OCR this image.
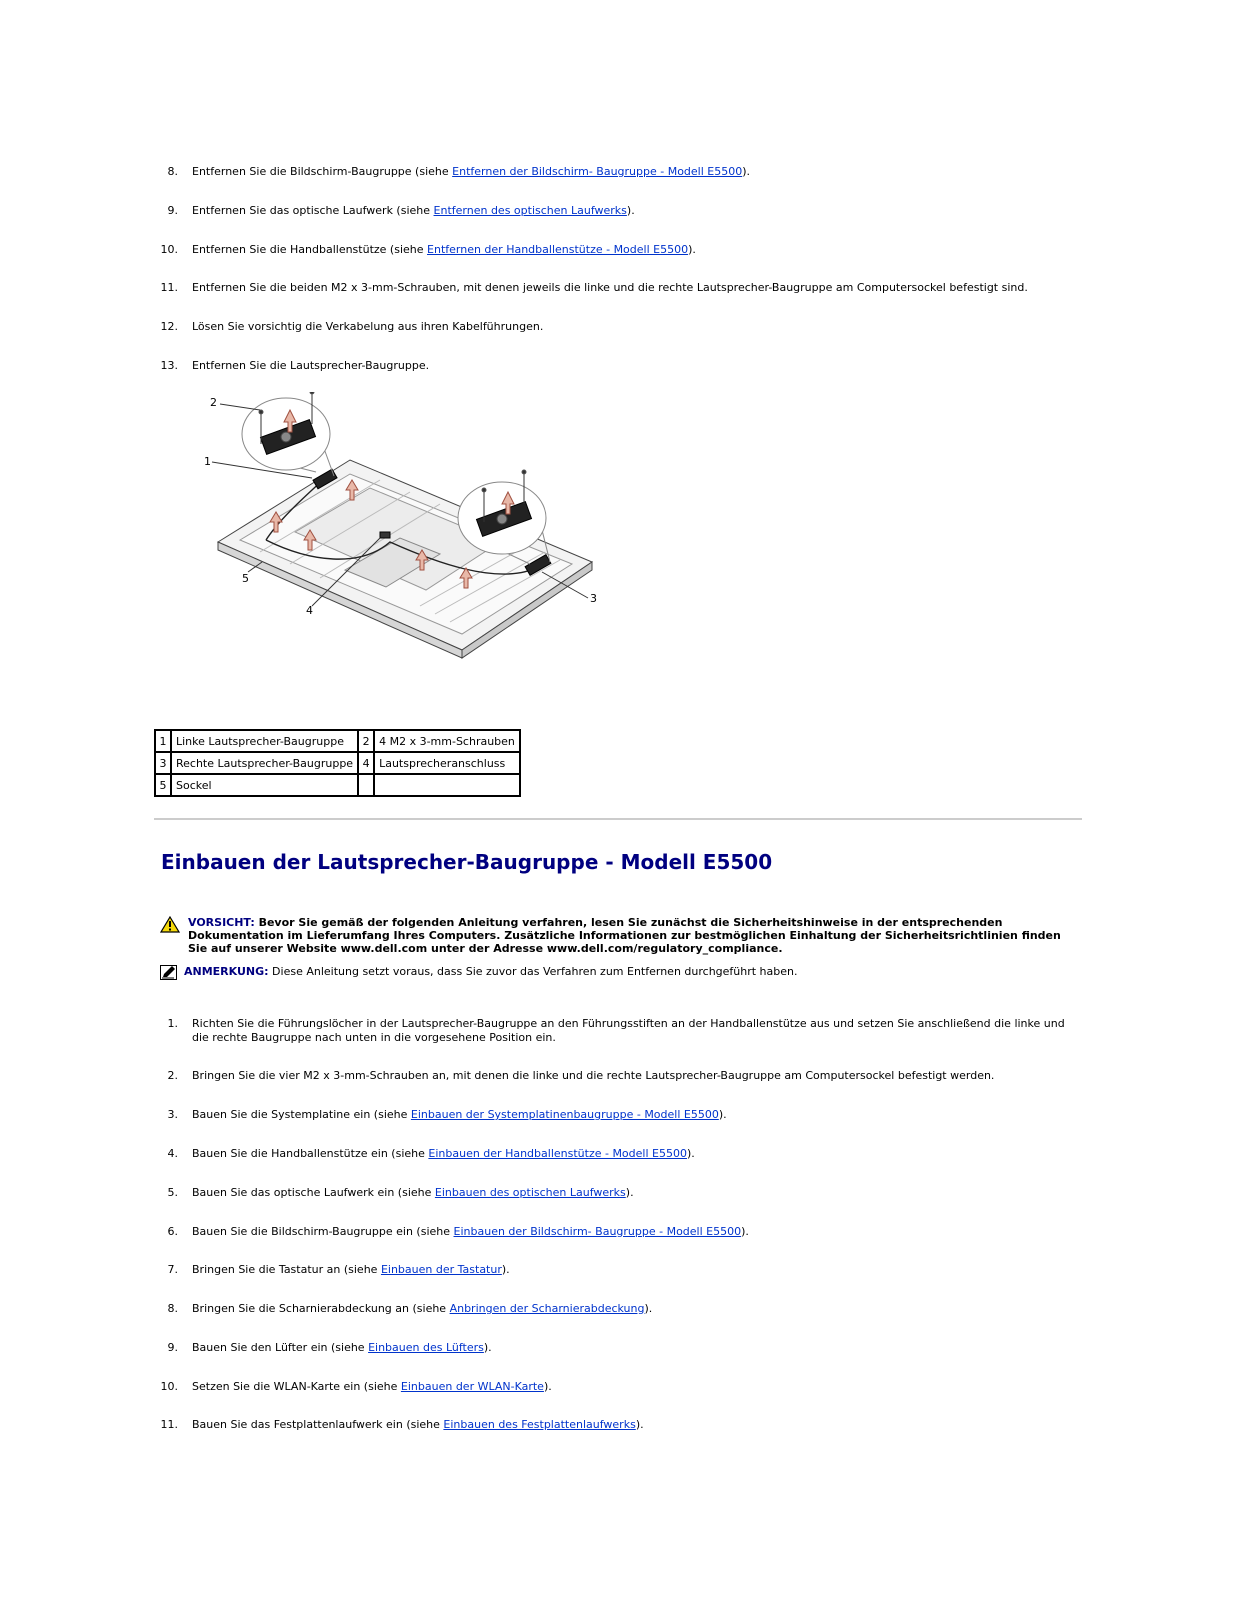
8. Entfernen Sie die Bildschirm-Baugruppe (siehe Entfernen der Bildschirm- Baugruppe - Modell E5500).
9. Entfernen Sie das optische Laufwerk (siehe Entfernen des optischen Laufwerks).
10. Entfernen Sie die Handballenstütze (siehe Entfernen der Handballenstütze - Modell E5500).
11. Entfernen Sie die beiden M2 x 3-mm-Schrauben, mit denen jeweils die linke und die rechte Lautsprecher-Baugruppe am Computersockel befestigt sind.
12. Lösen Sie vorsichtig die Verkabelung aus ihren Kabelführungen.
13. Entfernen Sie die Lautsprecher-Baugruppe.
2
1
3
4
5
1	Linke Lautsprecher-Baugruppe	2	4 M2 x 3-mm-Schrauben
3	Rechte Lautsprecher-Baugruppe	4	Lautsprecheranschluss
5	Sockel		
Einbauen der Lautsprecher-Baugruppe - Modell E5500
VORSICHT: Bevor Sie gemäß der folgenden Anleitung verfahren, lesen Sie zunächst die Sicherheitshinweise in der entsprechenden Dokumentation im Lieferumfang Ihres Computers. Zusätzliche Informationen zur bestmöglichen Einhaltung der Sicherheitsrichtlinien finden Sie auf unserer Website www.dell.com unter der Adresse www.dell.com/regulatory_compliance.
ANMERKUNG: Diese Anleitung setzt voraus, dass Sie zuvor das Verfahren zum Entfernen durchgeführt haben.
1. Richten Sie die Führungslöcher in der Lautsprecher-Baugruppe an den Führungsstiften an der Handballenstütze aus und setzen Sie anschließend die linke und die rechte Baugruppe nach unten in die vorgesehene Position ein.
2. Bringen Sie die vier M2 x 3-mm-Schrauben an, mit denen die linke und die rechte Lautsprecher-Baugruppe am Computersockel befestigt werden.
3. Bauen Sie die Systemplatine ein (siehe Einbauen der Systemplatinenbaugruppe - Modell E5500).
4. Bauen Sie die Handballenstütze ein (siehe Einbauen der Handballenstütze - Modell E5500).
5. Bauen Sie das optische Laufwerk ein (siehe Einbauen des optischen Laufwerks).
6. Bauen Sie die Bildschirm-Baugruppe ein (siehe Einbauen der Bildschirm- Baugruppe - Modell E5500).
7. Bringen Sie die Tastatur an (siehe Einbauen der Tastatur).
8. Bringen Sie die Scharnierabdeckung an (siehe Anbringen der Scharnierabdeckung).
9. Bauen Sie den Lüfter ein (siehe Einbauen des Lüfters).
10. Setzen Sie die WLAN-Karte ein (siehe Einbauen der WLAN-Karte).
11. Bauen Sie das Festplattenlaufwerk ein (siehe Einbauen des Festplattenlaufwerks).
